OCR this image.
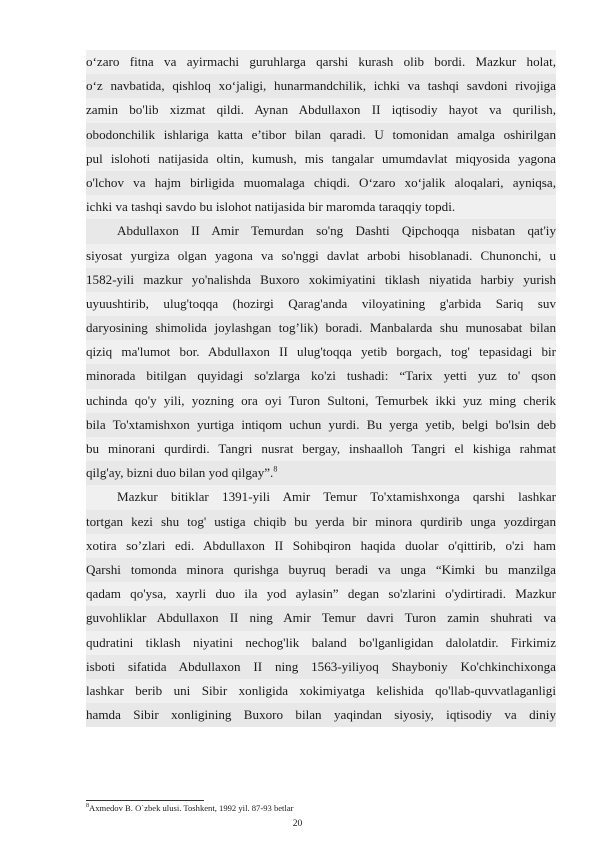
o‘zaro fitna va ayirmachi guruhlarga qarshi kurash olib bordi. Mazkur holat,
o‘z navbatida, qishloq xo‘jaligi, hunarmandchilik, ichki va tashqi savdoni rivojiga
zamin bo'lib xizmat qildi. Aynan Abdullaxon II iqtisodiy hayot va qurilish,
obodonchilik ishlariga katta e’tibor bilan qaradi. U tomonidan amalga oshirilgan
pul islohoti natijasida oltin, kumush, mis tangalar umumdavlat miqyosida yagona
o'lchov va hajm birligida muomalaga chiqdi. O‘zaro xo‘jalik aloqalari, ayniqsa,
ichki va tashqi savdo bu islohot natijasida bir maromda taraqqiy topdi.
Abdullaxon II Amir Temurdan so'ng Dashti Qipchoqqa nisbatan qat'iy
siyosat yurgiza olgan yagona va so'nggi davlat arbobi hisoblanadi. Chunonchi, u
1582-yili mazkur yo'nalishda Buxoro xokimiyatini tiklash niyatida harbiy yurish
uyuushtirib, ulug'toqqa (hozirgi Qarag'anda viloyatining g'arbida Sariq suv
daryosining shimolida joylashgan tog’lik) boradi. Manbalarda shu munosabat bilan
qiziq ma'lumot bor. Abdullaxon II ulug'toqqa yetib borgach, tog' tepasidagi bir
minorada bitilgan quyidagi so'zlarga ko'zi tushadi: “Tarix yetti yuz to' qson
uchinda qo'y yili, yozning ora oyi Turon Sultoni, Temurbek ikki yuz ming cherik
bila To'xtamishxon yurtiga intiqom uchun yurdi. Bu yerga yetib, belgi bo'lsin deb
bu minorani qurdirdi. Tangri nusrat bergay, inshaalloh Tangri el kishiga rahmat
qilg'ay, bizni duo bilan yod qilgay”.$^8$
Mazkur bitiklar 1391-yili Amir Temur To'xtamishxonga qarshi lashkar
tortgan kezi shu tog' ustiga chiqib bu yerda bir minora qurdirib unga yozdirgan
xotira so’zlari edi. Abdullaxon II Sohibqiron haqida duolar o'qittirib, o'zi ham
Qarshi tomonda minora qurishga buyruq beradi va unga “Kimki bu manzilga
qadam qo'ysa, xayrli duo ila yod aylasin” degan so'zlarini o'ydirtiradi. Mazkur
guvohliklar Abdullaxon II ning Amir Temur davri Turon zamin shuhrati va
qudratini tiklash niyatini nechog'lik baland bo'lganligidan dalolatdir. Firkimiz
isboti sifatida Abdullaxon II ning 1563-yiliyoq Shayboniy Ko'chkinchixonga
lashkar berib uni Sibir xonligida xokimiyatga kelishida qo'llab-quvvatlaganligi
hamda Sibir xonligining Buxoro bilan yaqindan siyosiy, iqtisodiy va diniy
$^8$Axmedov B. O`zbek ulusi. Toshkent, 1992 yil. 87-93 betlar
20
